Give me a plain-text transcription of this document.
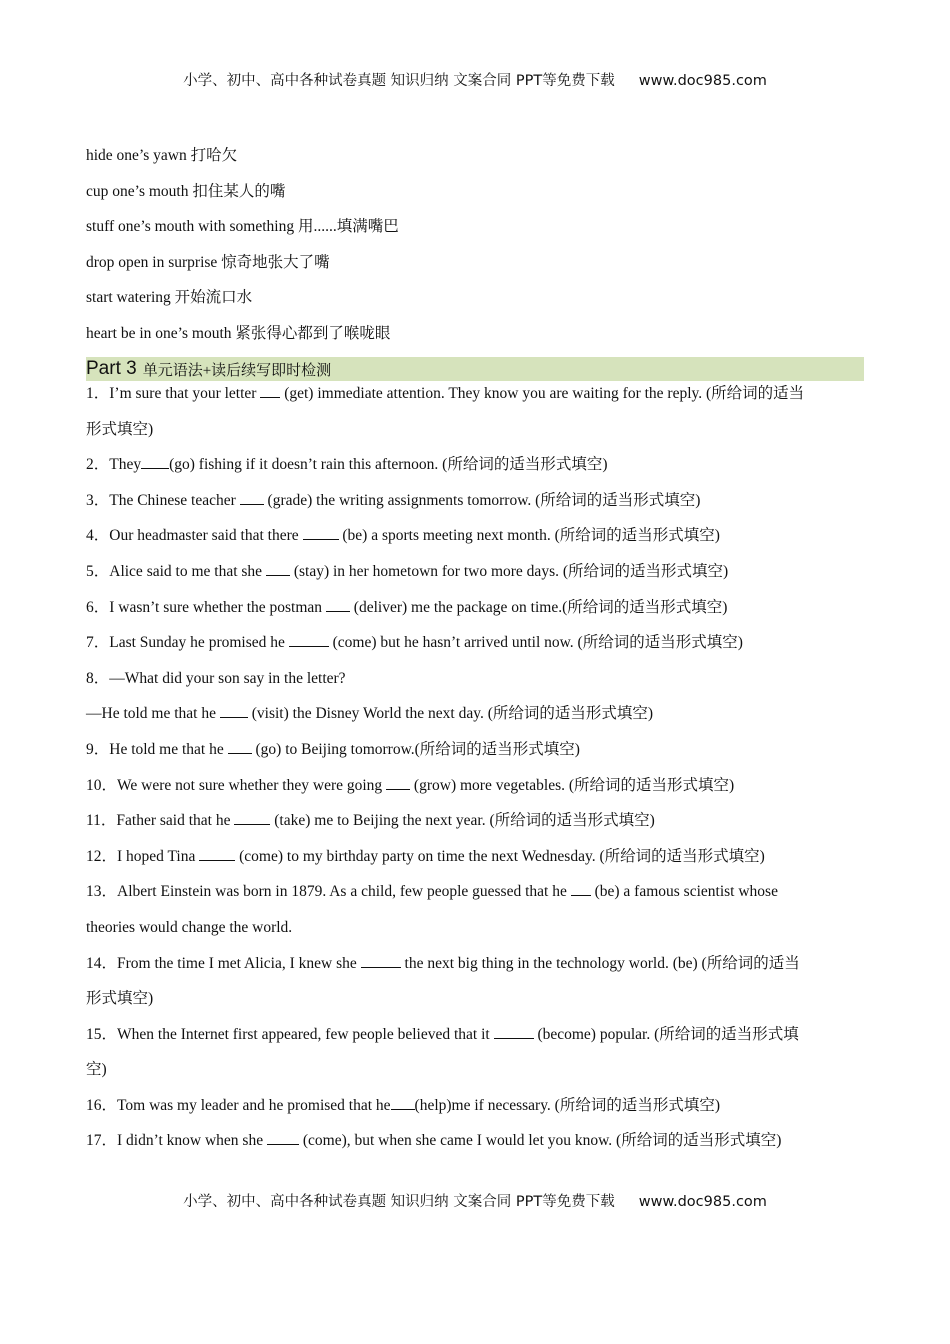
小学、初中、高中各种试卷真题 知识归纳 文案合同 PPT等免费下载 www.doc985.com
hide one’s yawn 打哈欠
cup one’s mouth 扣住某人的嘴
stuff one’s mouth with something 用......填满嘴巴
drop open in surprise 惊奇地张大了嘴
start watering 开始流口水
heart be in one’s mouth 紧张得心都到了喉咙眼
Part 3 单元语法+读后续写即时检测
1．I’m sure that your letter  (get) immediate attention. They know you are waiting for the reply. (所给词的适当
形式填空)
2．They (go) fishing if it doesn’t rain this afternoon. (所给词的适当形式填空)
3．The Chinese teacher  (grade) the writing assignments tomorrow. (所给词的适当形式填空)
4．Our headmaster said that there  (be) a sports meeting next month. (所给词的适当形式填空)
5．Alice said to me that she  (stay) in her hometown for two more days. (所给词的适当形式填空)
6．I wasn’t sure whether the postman  (deliver) me the package on time.(所给词的适当形式填空)
7．Last Sunday he promised he	(come) but he hasn’t arrived until now. (所给词的适当形式填空)
8．—What did your son say in the letter?
—He told me that he  (visit) the Disney World the next day. (所给词的适当形式填空)
9．He told me that he  (go) to Beijing tomorrow.(所给词的适当形式填空)
10．We were not sure whether they were going  (grow) more vegetables. (所给词的适当形式填空)
11．Father said that he  (take) me to Beijing the next year. (所给词的适当形式填空)
12．I hoped Tina  (come) to my birthday party on time the next Wednesday. (所给词的适当形式填空)
13．Albert Einstein was born in 1879. As a child, few people guessed that he  (be) a famous scientist whose
theories would change the world.
14．From the time I met Alicia, I knew she	the next big thing in the technology world. (be) (所给词的适当
形式填空)
15．When the Internet first appeared, few people believed that it	(become) popular. (所给词的适当形式填
空)
16．Tom was my leader and he promised that he (help)me if necessary. (所给词的适当形式填空)
17．I didn’t know when she  (come), but when she came I would let you know. (所给词的适当形式填空)
小学、初中、高中各种试卷真题 知识归纳 文案合同 PPT等免费下载 www.doc985.com
